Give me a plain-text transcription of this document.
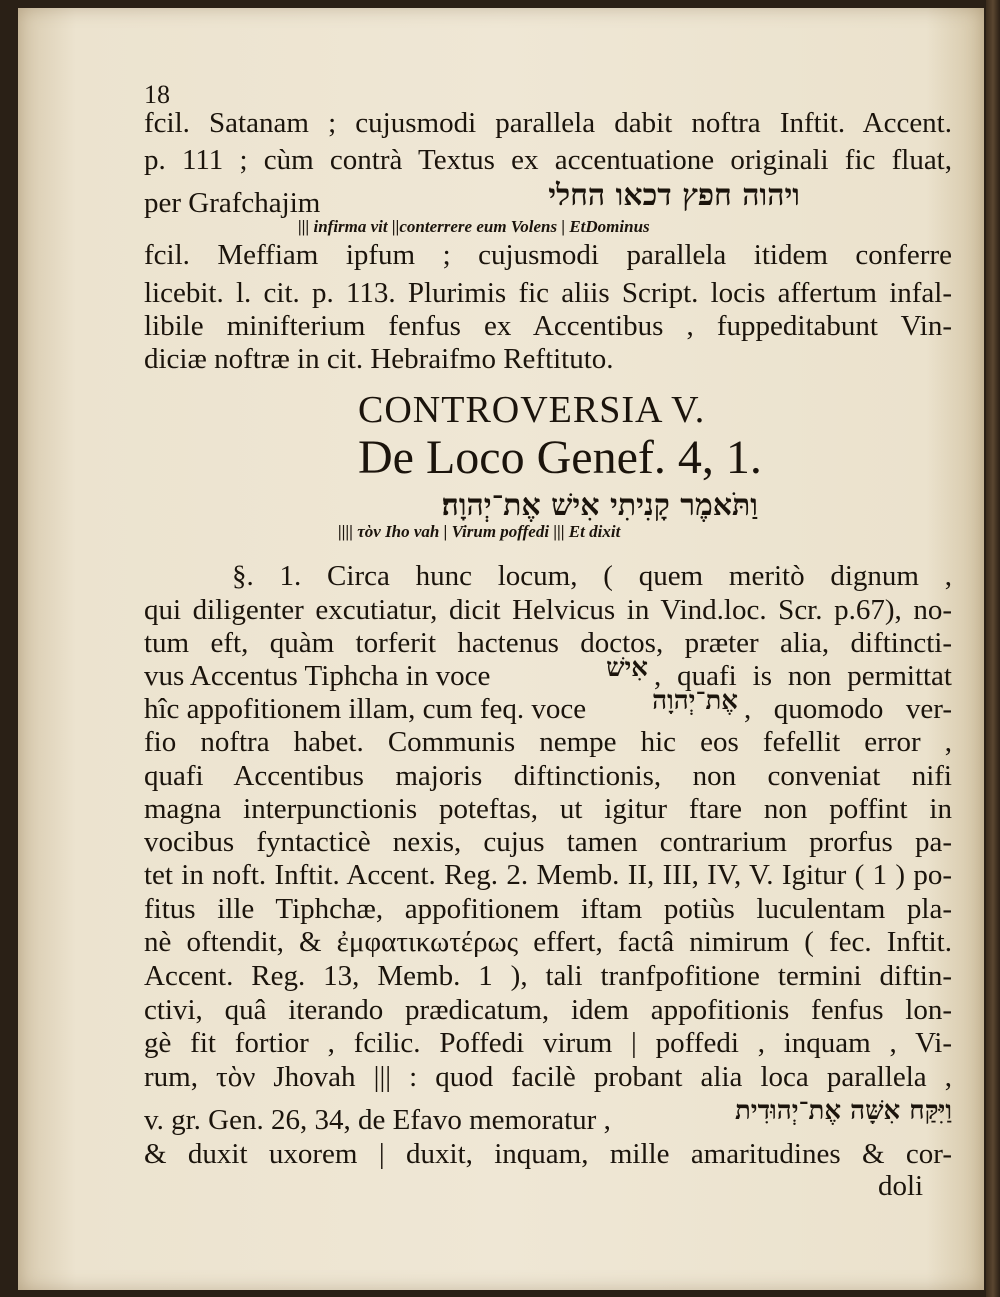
18
fcil. Satanam ; cujusmodi parallela dabit noftra Inftit. Accent.
p. 111 ; cùm contrà Textus ex accentuatione originali fic fluat,
per Grafchajim	ויהוה חפץ דכאו החלי
||| infirma vit ||conterrere eum Volens | EtDominus
fcil. Meffiam ipfum ; cujusmodi parallela itidem conferre
licebit. l. cit. p. 113. Plurimis fic aliis Script. locis affertum infal-
libile minifterium fenfus ex Accentibus , fuppeditabunt Vin-
diciæ noftræ in cit. Hebraifmo Reftituto.
CONTROVERSIA V.
De Loco Genef. 4, 1.
וַתֹּאמֶר קָנִיתִי אִישׁ אֶת־יְהוָה׃
|||| τὸν Iho vah | Virum poffedi ||| Et dixit
§. 1. Circa hunc locum, ( quem meritò dignum ,
qui diligenter excutiatur, dicit Helvicus in Vind.loc. Scr. p.67), no-
tum eft, quàm torferit hactenus doctos, præter alia, diftincti-
vus Accentus Tiphcha in voce	אִישׁ , quafi is non permittat
hîc appofitionem illam, cum feq. voce	אֶת־יְהוָה , quomodo ver-
fio noftra habet. Communis nempe hic eos fefellit error ,
quafi Accentibus majoris diftinctionis, non conveniat nifi
magna interpunctionis poteftas, ut igitur ftare non poffint in
vocibus fyntacticè nexis, cujus tamen contrarium prorfus pa-
tet in noft. Inftit. Accent. Reg. 2. Memb. II, III, IV, V. Igitur ( 1 ) po-
fitus ille Tiphchæ, appofitionem iftam potiùs luculentam pla-
nè oftendit, & ἐμφατικωτέρως effert, factâ nimirum ( fec. Inftit.
Accent. Reg. 13, Memb. 1 ), tali tranfpofitione termini diftin-
ctivi, quâ iterando prædicatum, idem appofitionis fenfus lon-
gè fit fortior , fcilic. Poffedi virum | poffedi , inquam , Vi-
rum, τὸν Jhovah ||| : quod facilè probant alia loca parallela ,
v. gr. Gen. 26, 34, de Efavo memoratur ,	וַיִּקַּח אִשָּׁה אֶת־יְהוּדִית
& duxit uxorem | duxit, inquam, mille amaritudines & cor-
doli
